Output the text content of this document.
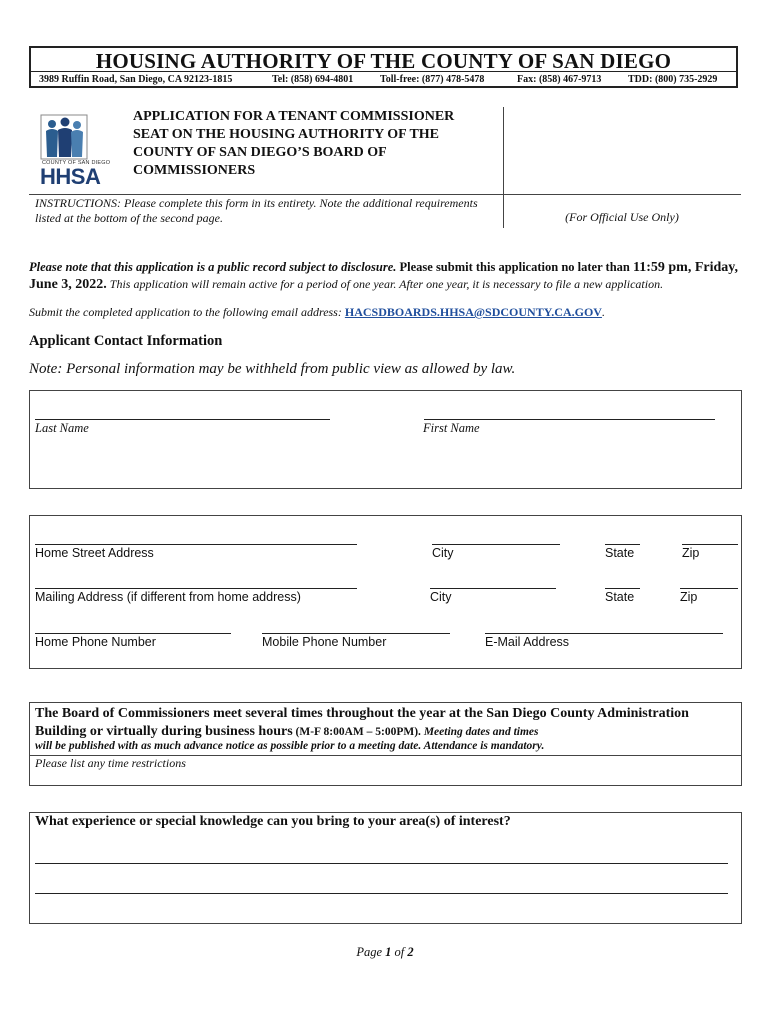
HOUSING AUTHORITY OF THE COUNTY OF SAN DIEGO
3989 Ruffin Road, San Diego, CA 92123-1815	Tel: (858) 694-4801	Toll-free: (877) 478-5478	Fax: (858) 467-9713	TDD: (800) 735-2929
COUNTY OF SAN DIEGO
HHSA
APPLICATION FOR A TENANT COMMISSIONER SEAT ON THE HOUSING AUTHORITY OF THE COUNTY OF SAN DIEGO’S BOARD OF COMMISSIONERS
INSTRUCTIONS: Please complete this form in its entirety. Note the additional requirements listed at the bottom of the second page.	(For Official Use Only)
Please note that this application is a public record subject to disclosure. Please submit this application no later than 11:59 pm, Friday, June 3, 2022. This application will remain active for a period of one year. After one year, it is necessary to file a new application.
Submit the completed application to the following email address: HACSDBOARDS.HHSA@SDCOUNTY.CA.GOV.
Applicant Contact Information
Note: Personal information may be withheld from public view as allowed by law.
Last Name	First Name
Home Street Address	City	State	Zip
Mailing Address (if different from home address)	City	State	Zip
Home Phone Number	Mobile Phone Number	E-Mail Address
The Board of Commissioners meet several times throughout the year at the San Diego County Administration Building or virtually during business hours (M-F 8:00AM – 5:00PM). Meeting dates and times
will be published with as much advance notice as possible prior to a meeting date. Attendance is mandatory.
Please list any time restrictions
What experience or special knowledge can you bring to your area(s) of interest?
Page 1 of 2
